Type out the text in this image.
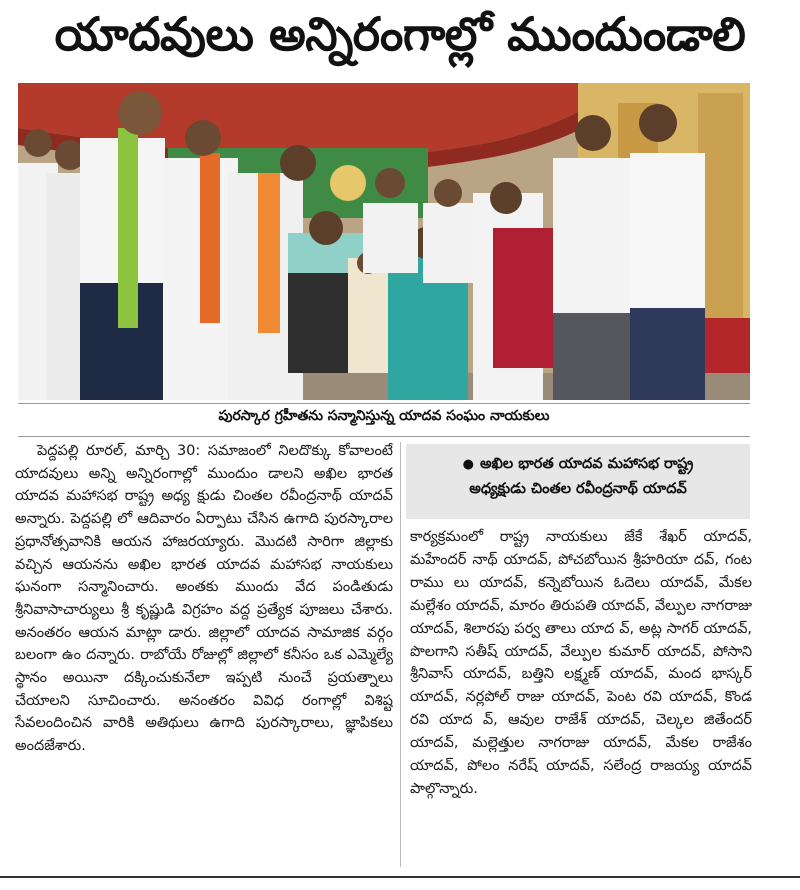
యాదవులు అన్నిరంగాల్లో ముందుండాలి
పురస్కార గ్రహీతను సన్మానిస్తున్న యాదవ సంఘం నాయకులు

పెద్దపల్లి రూరల్, మార్చి 30: సమాజంలో నిలదొక్కు కోవాలంటే యాదవులు అన్ని అన్నిరంగాల్లో ముందుం డాలని అఖిల భారత యాదవ మహాసభ రాష్ట్ర అధ్య క్షుడు చింతల రవీంద్రనాథ్ యాదవ్ అన్నారు. పెద్దపల్లి లో ఆదివారం ఏర్పాటు చేసిన ఉగాది పురస్కారాల ప్రధానోత్సవానికి ఆయన హాజరయ్యారు. మొదటి సారిగా జిల్లాకు వచ్చిన ఆయనను అఖిల భారత యాదవ మహాసభ నాయకులు ఘనంగా సన్మానించారు. అంతకు ముందు వేద పండితుడు శ్రీనివాసాచార్యులు శ్రీ కృష్ణుడి విగ్రహం వద్ద ప్రత్యేక పూజలు చేశారు. అనంతరం ఆయన మాట్లా డారు. జిల్లాలో యాదవ సామాజిక వర్గం బలంగా ఉం దన్నారు. రాబోయే రోజుల్లో జిల్లాలో కనీసం ఒక ఎమ్మెల్యే స్థానం అయినా దక్కించుకునేలా ఇప్పటి నుంచే ప్రయత్నాలు చేయాలని సూచించారు. అనంతరం వివిధ రంగాల్లో విశిష్ట సేవలందించిన వారికి అతిథులు ఉగాది పురస్కారాలు, జ్ఞాపికలు అందజేశారు.

● అఖిల భారత యాదవ మహాసభ రాష్ట్ర
అధ్యక్షుడు చింతల రవీంద్రనాథ్ యాదవ్

కార్యక్రమంలో రాష్ట్ర నాయకులు జేకే శేఖర్ యాదవ్, మహేందర్ నాథ్ యాదవ్, పోచబోయిన శ్రీహరియా దవ్, గంట రాము లు యాదవ్, కన్నెబోయిన ఓదెలు యాదవ్, మేకల మల్లేశం యాదవ్, మారం తిరుపతి యాదవ్, వేల్పుల నాగరాజు యాదవ్, శిలారపు పర్వ తాలు యాద వ్, అట్ల సాగర్ యాదవ్, పొలగాని సతీష్ యాదవ్, వేల్పుల కుమార్ యాదవ్, పోసాని శ్రీనివాస్ యాదవ్, బత్తిని లక్ష్మణ్ యాదవ్, మంద భాస్కర్ యాదవ్, నర్లపోల్ రాజు యాదవ్, పెంట రవి యాదవ్, కొండ రవి యాద వ్, ఆవుల రాజేశ్ యాదవ్, చెల్కల జితేందర్ యాదవ్, మల్లెత్తుల నాగరాజు యాదవ్, మేకల రాజేశం యాదవ్, పోలం నరేష్ యాదవ్, సలేంద్ర రాజయ్య యాదవ్ పాల్గొన్నారు.
